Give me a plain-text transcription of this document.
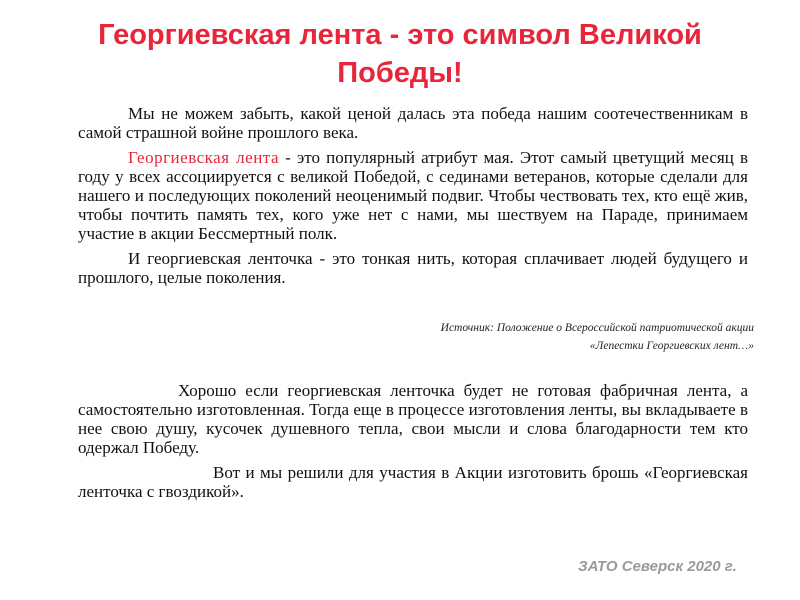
Георгиевская лента - это символ Великой Победы!

Мы не можем забыть, какой ценой далась эта победа нашим соотечественникам в самой страшной войне прошлого века.

Георгиевская лента - это популярный атрибут мая. Этот самый цветущий месяц в году у всех ассоциируется с великой Победой, с сединами ветеранов, которые сделали для нашего и последующих поколений неоценимый подвиг. Чтобы чествовать тех, кто ещё жив, чтобы почтить память тех, кого уже нет с нами, мы шествуем на Параде, принимаем участие в акции Бессмертный полк.

И георгиевская ленточка - это тонкая нить, которая сплачивает людей будущего и прошлого, целые поколения.

Источник: Положение о Всероссийской патриотической акции
«Лепестки Георгиевских лент…»

Хорошо если георгиевская ленточка будет не готовая фабричная лента, а самостоятельно изготовленная. Тогда еще в процессе изготовления ленты, вы вкладываете в нее свою душу, кусочек душевного тепла, свои мысли и слова благодарности тем кто одержал Победу.

Вот и мы решили для участия в Акции изготовить брошь «Георгиевская ленточка с гвоздикой».

ЗАТО Северск 2020 г.
